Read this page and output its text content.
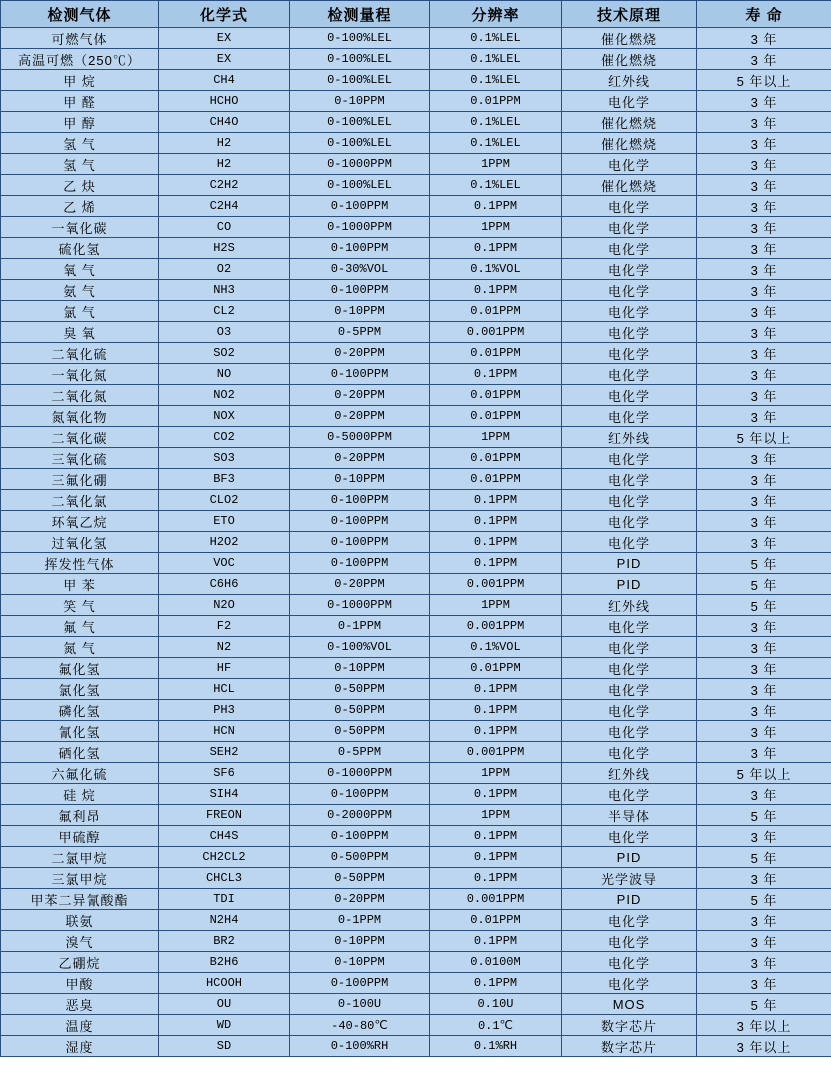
检测气体	化学式	检测量程	分辨率	技术原理	寿 命
可燃气体	EX	0-100%LEL	0.1%LEL	催化燃烧	3 年
高温可燃（250℃）	EX	0-100%LEL	0.1%LEL	催化燃烧	3 年
甲 烷	CH4	0-100%LEL	0.1%LEL	红外线	5 年以上
甲 醛	HCHO	0-10PPM	0.01PPM	电化学	3 年
甲 醇	CH4O	0-100%LEL	0.1%LEL	催化燃烧	3 年
氢 气	H2	0-100%LEL	0.1%LEL	催化燃烧	3 年
氢 气	H2	0-1000PPM	1PPM	电化学	3 年
乙 炔	C2H2	0-100%LEL	0.1%LEL	催化燃烧	3 年
乙 烯	C2H4	0-100PPM	0.1PPM	电化学	3 年
一氧化碳	CO	0-1000PPM	1PPM	电化学	3 年
硫化氢	H2S	0-100PPM	0.1PPM	电化学	3 年
氧 气	O2	0-30%VOL	0.1%VOL	电化学	3 年
氨 气	NH3	0-100PPM	0.1PPM	电化学	3 年
氯 气	CL2	0-10PPM	0.01PPM	电化学	3 年
臭 氧	O3	0-5PPM	0.001PPM	电化学	3 年
二氧化硫	SO2	0-20PPM	0.01PPM	电化学	3 年
一氧化氮	NO	0-100PPM	0.1PPM	电化学	3 年
二氧化氮	NO2	0-20PPM	0.01PPM	电化学	3 年
氮氧化物	NOX	0-20PPM	0.01PPM	电化学	3 年
二氧化碳	CO2	0-5000PPM	1PPM	红外线	5 年以上
三氧化硫	SO3	0-20PPM	0.01PPM	电化学	3 年
三氟化硼	BF3	0-10PPM	0.01PPM	电化学	3 年
二氧化氯	CLO2	0-100PPM	0.1PPM	电化学	3 年
环氧乙烷	ETO	0-100PPM	0.1PPM	电化学	3 年
过氧化氢	H2O2	0-100PPM	0.1PPM	电化学	3 年
挥发性气体	VOC	0-100PPM	0.1PPM	PID	5 年
甲 苯	C6H6	0-20PPM	0.001PPM	PID	5 年
笑 气	N2O	0-1000PPM	1PPM	红外线	5 年
氟 气	F2	0-1PPM	0.001PPM	电化学	3 年
氮 气	N2	0-100%VOL	0.1%VOL	电化学	3 年
氟化氢	HF	0-10PPM	0.01PPM	电化学	3 年
氯化氢	HCL	0-50PPM	0.1PPM	电化学	3 年
磷化氢	PH3	0-50PPM	0.1PPM	电化学	3 年
氰化氢	HCN	0-50PPM	0.1PPM	电化学	3 年
硒化氢	SEH2	0-5PPM	0.001PPM	电化学	3 年
六氟化硫	SF6	0-1000PPM	1PPM	红外线	5 年以上
硅 烷	SIH4	0-100PPM	0.1PPM	电化学	3 年
氟利昂	FREON	0-2000PPM	1PPM	半导体	5 年
甲硫醇	CH4S	0-100PPM	0.1PPM	电化学	3 年
二氯甲烷	CH2CL2	0-500PPM	0.1PPM	PID	5 年
三氯甲烷	CHCL3	0-50PPM	0.1PPM	光学波导	3 年
甲苯二异氰酸酯	TDI	0-20PPM	0.001PPM	PID	5 年
联氨	N2H4	0-1PPM	0.01PPM	电化学	3 年
溴气	BR2	0-10PPM	0.1PPM	电化学	3 年
乙硼烷	B2H6	0-10PPM	0.0100M	电化学	3 年
甲酸	HCOOH	0-100PPM	0.1PPM	电化学	3 年
恶臭	OU	0-100U	0.10U	MOS	5 年
温度	WD	-40-80℃	0.1℃	数字芯片	3 年以上
湿度	SD	0-100%RH	0.1%RH	数字芯片	3 年以上
